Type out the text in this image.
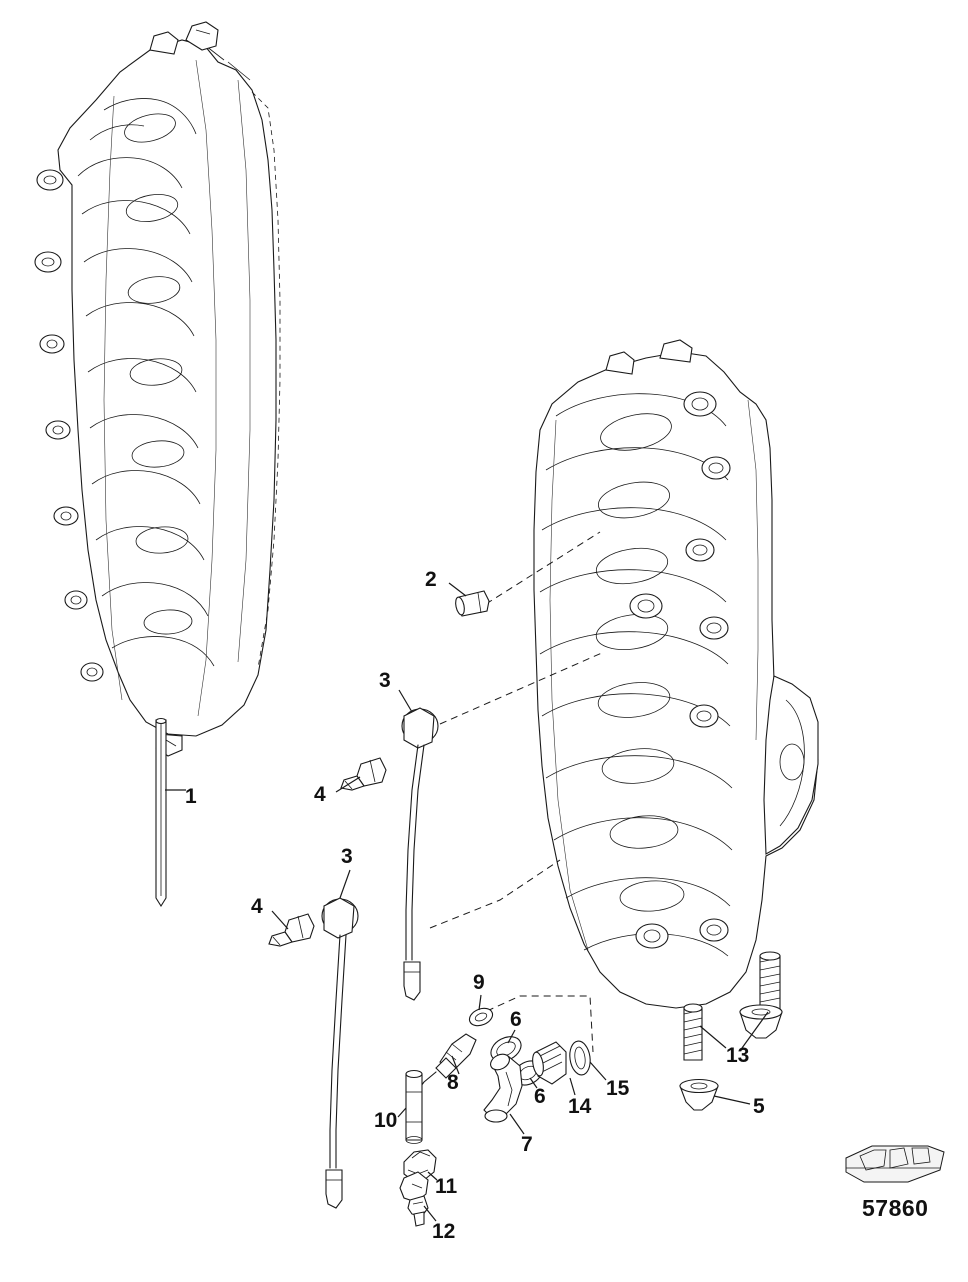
1
2
3
4
3
4
9
6
8
6
7
10
11
12
14
15
13
5
57860
